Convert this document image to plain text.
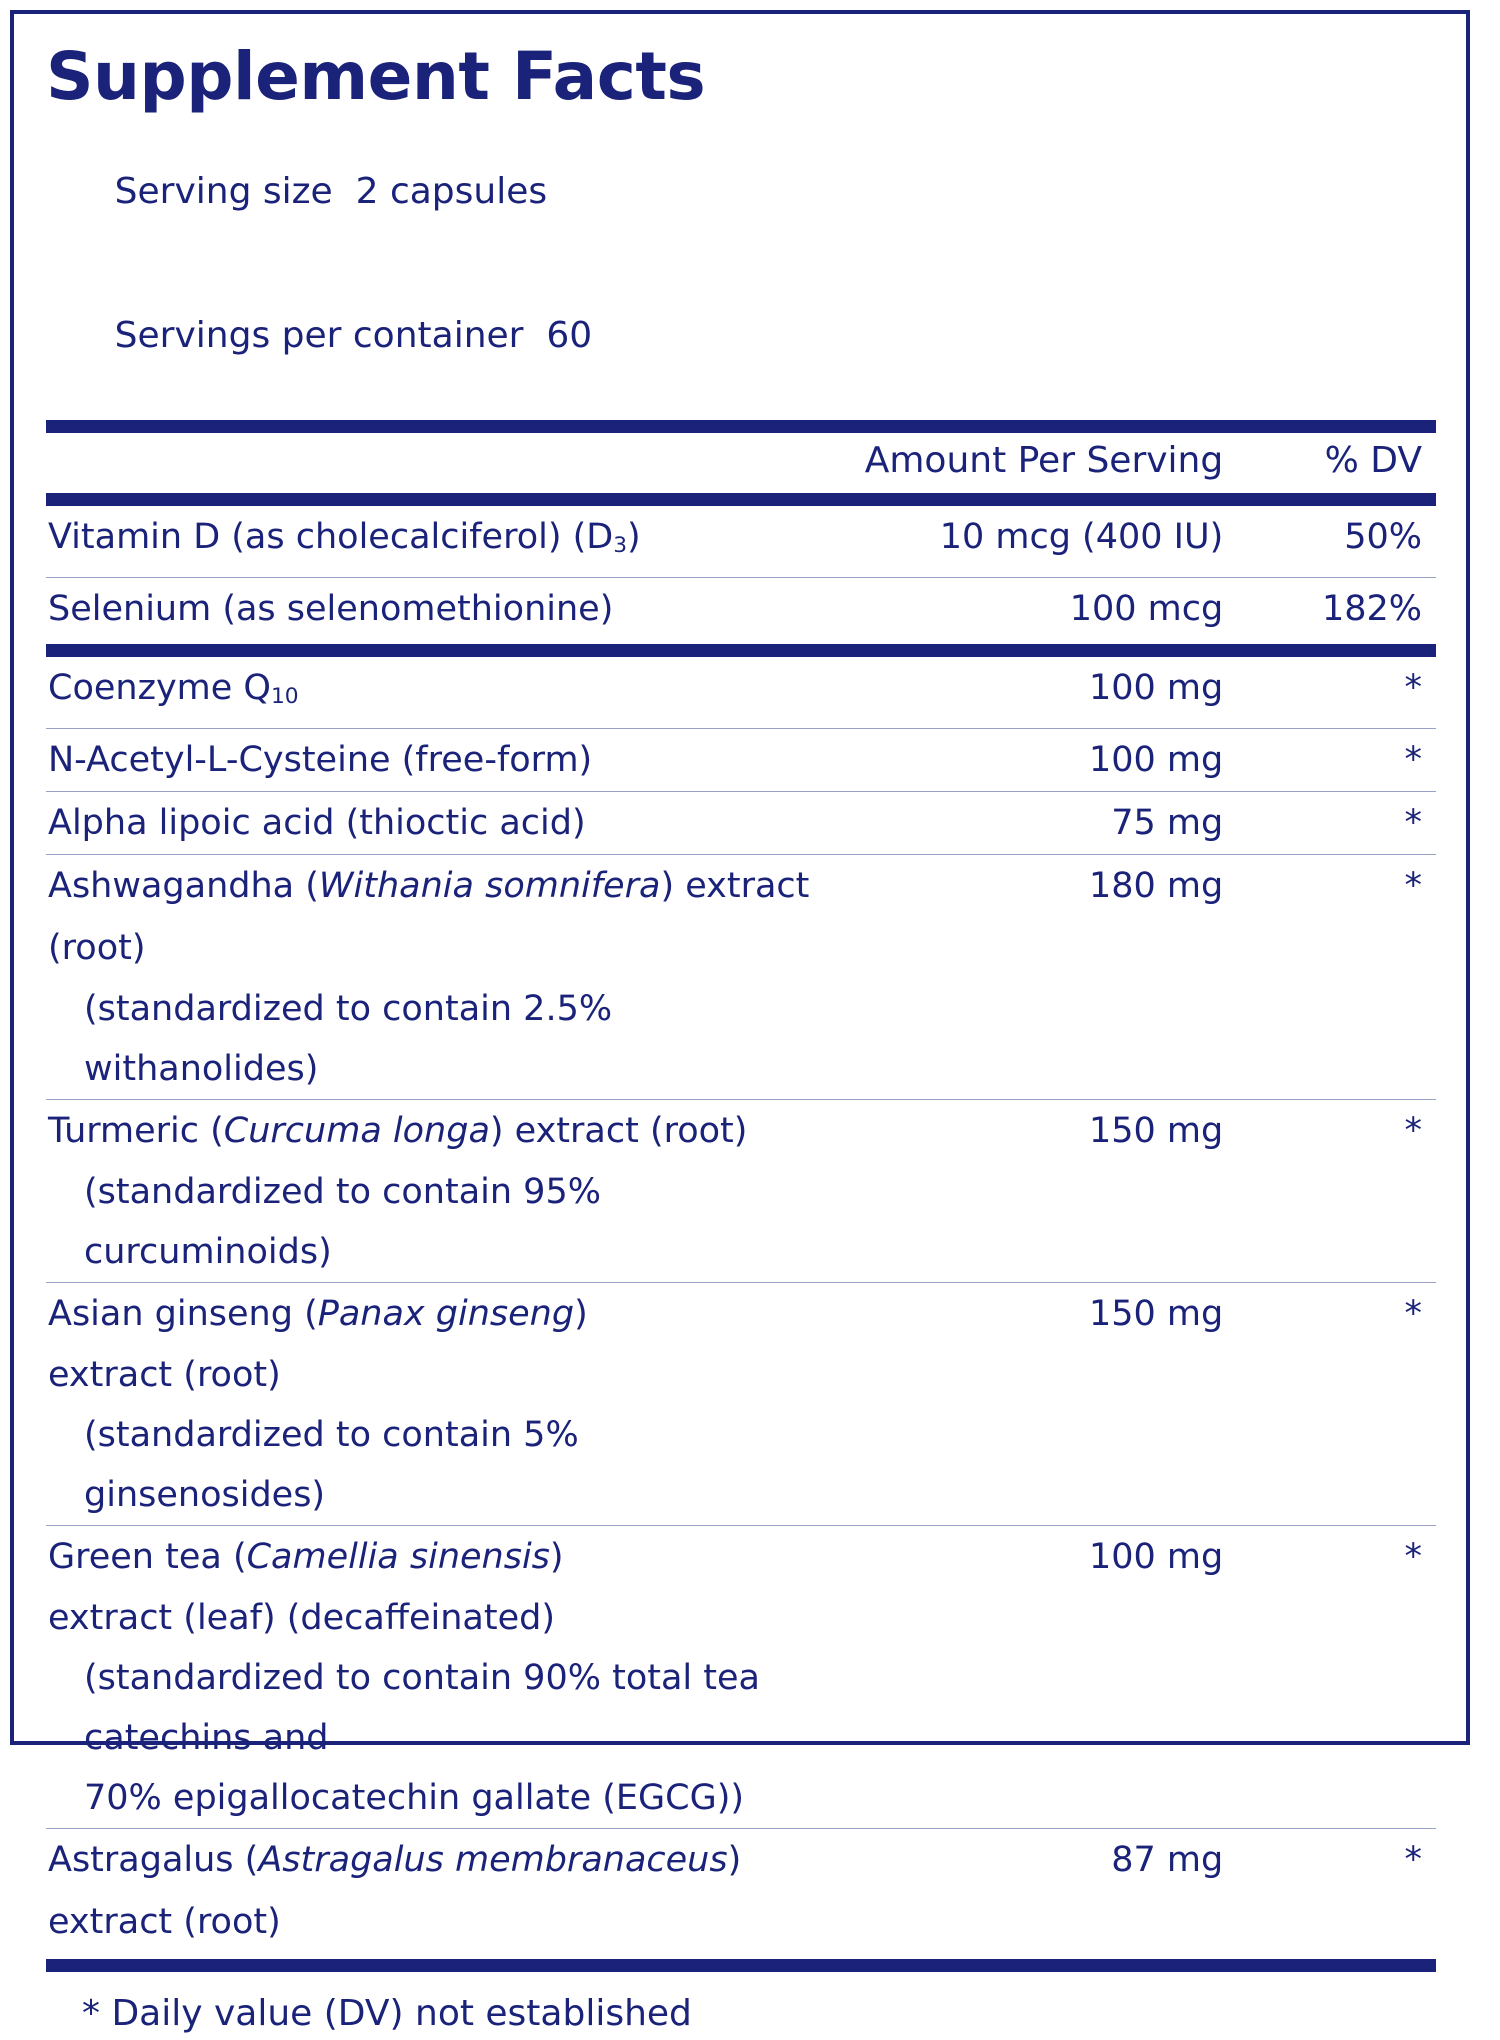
Supplement Facts

Serving size 2 capsules

Servings per container 60

	Amount Per Serving	% DV
Vitamin D (as cholecalciferol) $(D_3)$	10 mcg (400 IU)	50%

Selenium (as selenomethionine)	100 mcg	182%
Coenzyme $Q_{10}$	100 mg	*

N-Acetyl-L-Cysteine (free-form)	100 mg	*

Alpha lipoic acid (thioctic acid)	75 mg	*

Ashwagandha (Withania somnifera) extract (root)
(standardized to contain 2.5% withanolides)	180 mg	*

Turmeric (Curcuma longa) extract (root)
(standardized to contain 95% curcuminoids)	150 mg	*

Asian ginseng (Panax ginseng)
extract (root)
(standardized to contain 5% ginsenosides)	150 mg	*

Green tea (Camellia sinensis)
extract (leaf) (decaffeinated)
(standardized to contain 90% total tea catechins and
70% epigallocatechin gallate (EGCG))	100 mg	*

Astragalus (Astragalus membranaceus) extract (root)	87 mg	*
* Daily value (DV) not established
